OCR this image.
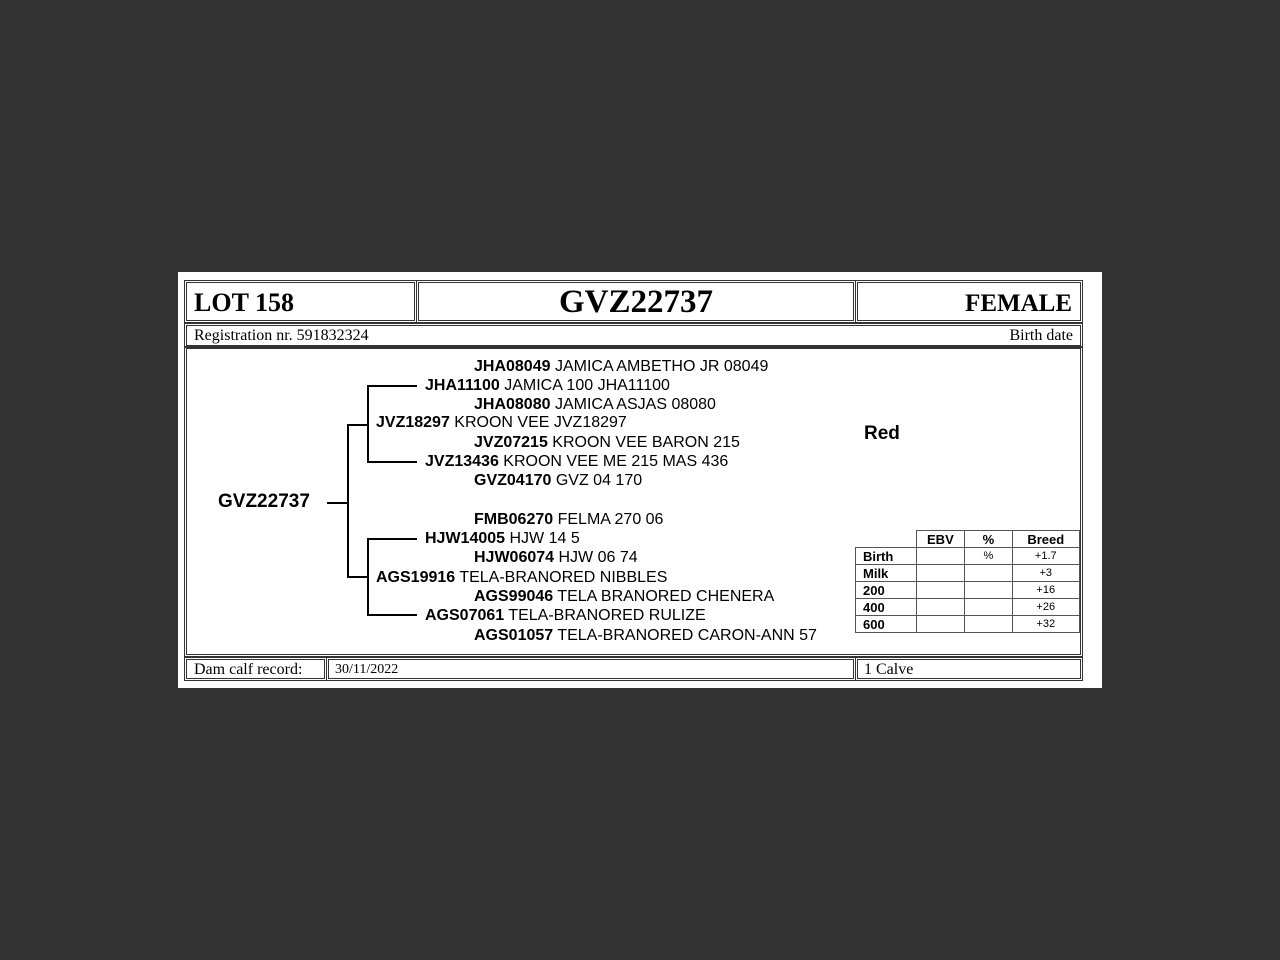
LOT 158	GVZ22737	FEMALE
Registration nr. 591832324	Birth date
GVZ22737
JHA08049 JAMICA AMBETHO JR 08049
JHA11100 JAMICA 100 JHA11100
JHA08080 JAMICA ASJAS 08080
JVZ18297 KROON VEE JVZ18297
JVZ07215 KROON VEE BARON 215
JVZ13436 KROON VEE ME 215 MAS 436
GVZ04170 GVZ 04 170
FMB06270 FELMA 270 06
HJW14005 HJW 14 5
HJW06074 HJW 06 74
AGS19916 TELA-BRANORED NIBBLES
AGS99046 TELA BRANORED CHENERA
AGS07061 TELA-BRANORED RULIZE
AGS01057 TELA-BRANORED CARON-ANN 57
Red
	EBV	%	Breed
Birth		%	+1.7
Milk			+3
200			+16
400			+26
600			+32
Dam calf record: 30/11/2022	1 Calve
